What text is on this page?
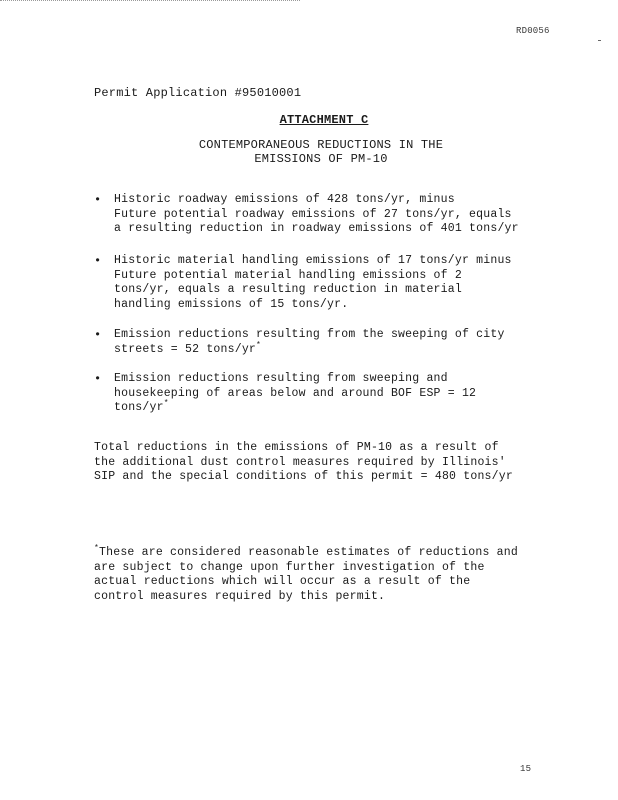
RD0056
Permit Application #95010001
ATTACHMENT C
CONTEMPORANEOUS REDUCTIONS IN THE
EMISSIONS OF PM-10
• Historic roadway emissions of 428 tons/yr, minus
Future potential roadway emissions of 27 tons/yr, equals
a resulting reduction in roadway emissions of 401 tons/yr
• Historic material handling emissions of 17 tons/yr minus
Future potential material handling emissions of 2
tons/yr, equals a resulting reduction in material
handling emissions of 15 tons/yr.
• Emission reductions resulting from the sweeping of city
streets = 52 tons/yr*
• Emission reductions resulting from sweeping and
housekeeping of areas below and around BOF ESP = 12
tons/yr*
Total reductions in the emissions of PM-10 as a result of
the additional dust control measures required by Illinois'
SIP and the special conditions of this permit = 480 tons/yr
*These are considered reasonable estimates of reductions and
are subject to change upon further investigation of the
actual reductions which will occur as a result of the
control measures required by this permit.
15
